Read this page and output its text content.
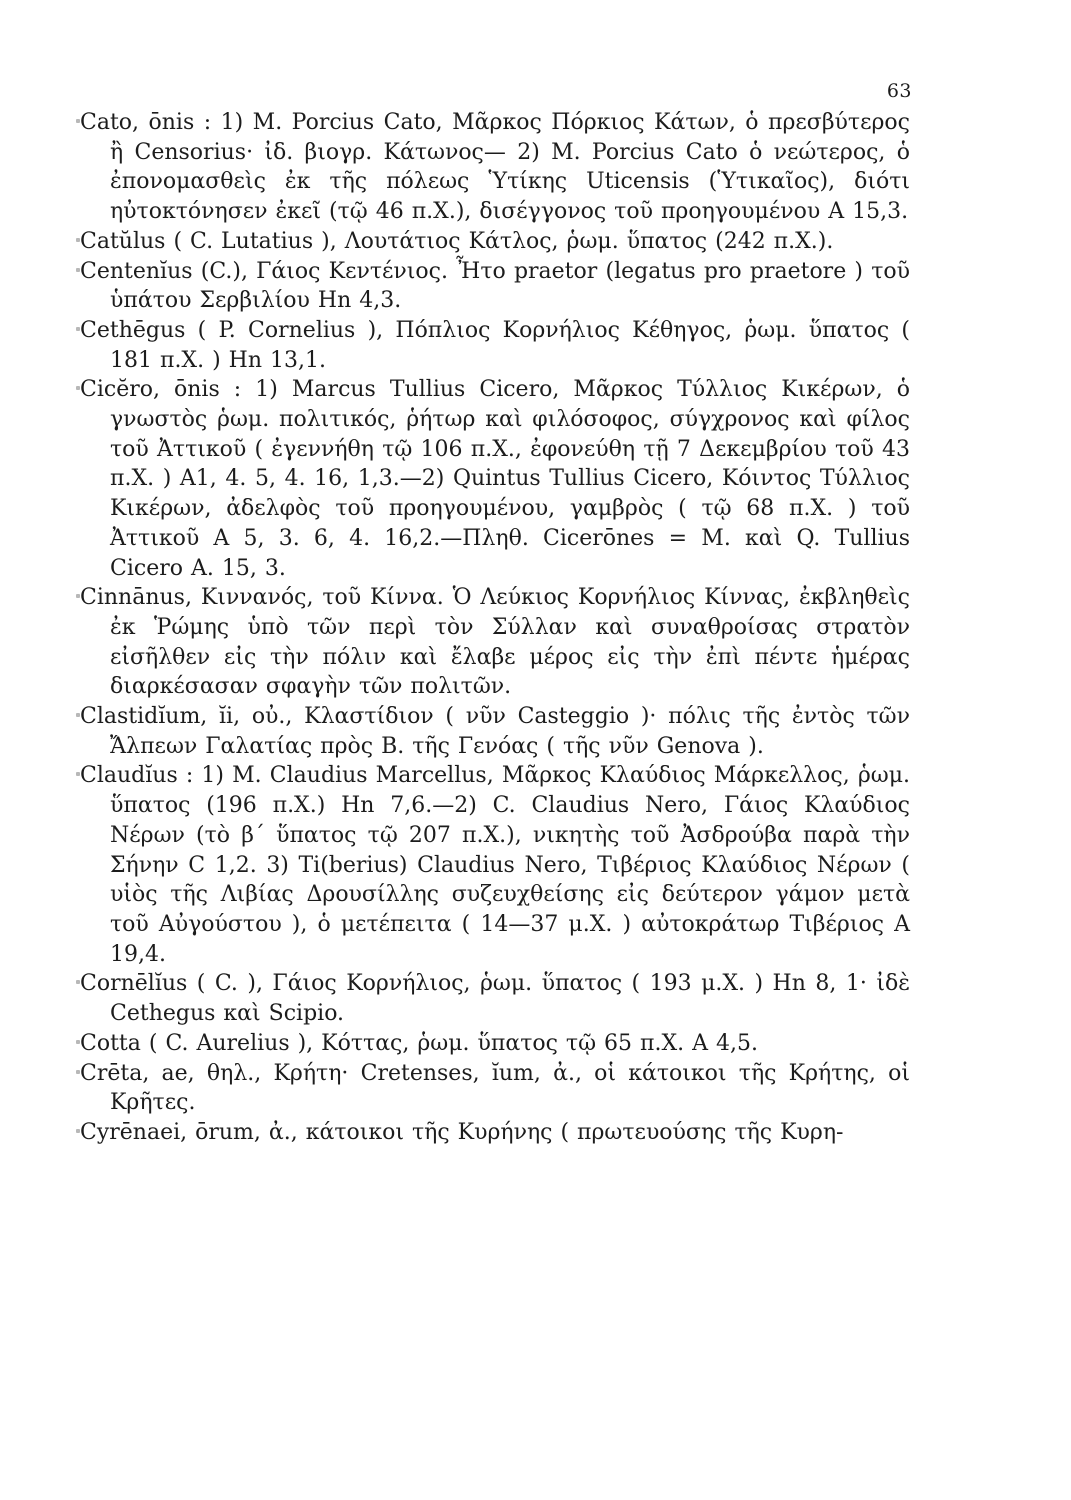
63

Cato, ōnis : 1) M. Porcius Cato, Μᾶρκος Πόρκιος Κάτων, ὁ πρεσβύτερος ἢ Censorius· ἰδ. βιογρ. Κάτωνος— 2) M. Porcius Cato ὁ νεώτερος, ὁ ἐπονομασθεὶς ἐκ τῆς πόλεως Ὑτίκης Uticensis (Ὑτικαῖος), διότι ηὐτοκτόνησεν ἐκεῖ (τῷ 46 π.Χ.), δισέγγονος τοῦ προηγουμένου A 15,3.

Catŭlus ( C. Lutatius ), Λουτάτιος Κάτλος, ῥωμ. ὕπατος (242 π.Χ.).

Centenĭus (C.), Γάιος Κεντένιος. Ἦτο praetor (legatus pro praetore ) τοῦ ὑπάτου Σερβιλίου Hn 4,3.

Cethēgus ( P. Cornelius ), Πόπλιος Κορνήλιος Κέθηγος, ῥωμ. ὕπατος ( 181 π.Χ. ) Hn 13,1.

Cicĕro, ōnis : 1) Marcus Tullius Cicero, Μᾶρκος Τύλλιος Κικέρων, ὁ γνωστὸς ῥωμ. πολιτικός, ῥήτωρ καὶ φιλόσοφος, σύγχρονος καὶ φίλος τοῦ Ἀττικοῦ ( ἐγεννήθη τῷ 106 π.Χ., ἐφονεύθη τῇ 7 Δεκεμβρίου τοῦ 43 π.Χ. ) A1, 4. 5, 4. 16, 1,3.—2) Quintus Tullius Cicero, Κόιντος Τύλλιος Κικέρων, ἀδελφὸς τοῦ προηγουμένου, γαμβρὸς ( τῷ 68 π.Χ. ) τοῦ Ἀττικοῦ A 5, 3. 6, 4. 16,2.—Πληθ. Cicerōnes = M. καὶ Q. Tullius Cicero A. 15, 3.

Cinnānus, Κιννανός, τοῦ Κίννα. Ὁ Λεύκιος Κορνήλιος Κίννας, ἐκβληθεὶς ἐκ Ῥώμης ὑπὸ τῶν περὶ τὸν Σύλλαν καὶ συναθροίσας στρατὸν εἰσῆλθεν εἰς τὴν πόλιν καὶ ἔλαβε μέρος εἰς τὴν ἐπὶ πέντε ἡμέρας διαρκέσασαν σφαγὴν τῶν πολιτῶν.

Clastidĭum, ĭi, οὐ., Κλαστίδιον ( νῦν Casteggio )· πόλις τῆς ἐντὸς τῶν Ἄλπεων Γαλατίας πρὸς B. τῆς Γενόας ( τῆς νῦν Genova ).

Claudĭus : 1) M. Claudius Marcellus, Μᾶρκος Κλαύδιος Μάρκελλος, ῥωμ. ὕπατος (196 π.Χ.) Hn 7,6.—2) C. Claudius Nero, Γάιος Κλαύδιος Νέρων (τὸ β΄ ὕπατος τῷ 207 π.Χ.), νικητὴς τοῦ Ἀσδρούβα παρὰ τὴν Σήνην C 1,2. 3) Ti(berius) Claudius Nero, Τιβέριος Κλαύδιος Νέρων ( υἱὸς τῆς Λιβίας Δρουσίλλης συζευχθείσης εἰς δεύτερον γάμον μετὰ τοῦ Αὐγούστου ), ὁ μετέπειτα ( 14—37 μ.Χ. ) αὐτοκράτωρ Τιβέριος A 19,4.

Cornēlĭus ( C. ), Γάιος Κορνήλιος, ῥωμ. ὕπατος ( 193 μ.Χ. ) Hn 8, 1· ἰδὲ Cethegus καὶ Scipio.

Cotta ( C. Aurelius ), Κόττας, ῥωμ. ὕπατος τῷ 65 π.Χ. A 4,5.

Crēta, ae, θηλ., Κρήτη· Cretenses, ĭum, ἀ., οἱ κάτοικοι τῆς Κρήτης, οἱ Κρῆτες.

Cyrēnaei, ōrum, ἀ., κάτοικοι τῆς Κυρήνης ( πρωτευούσης τῆς Κυρη-
